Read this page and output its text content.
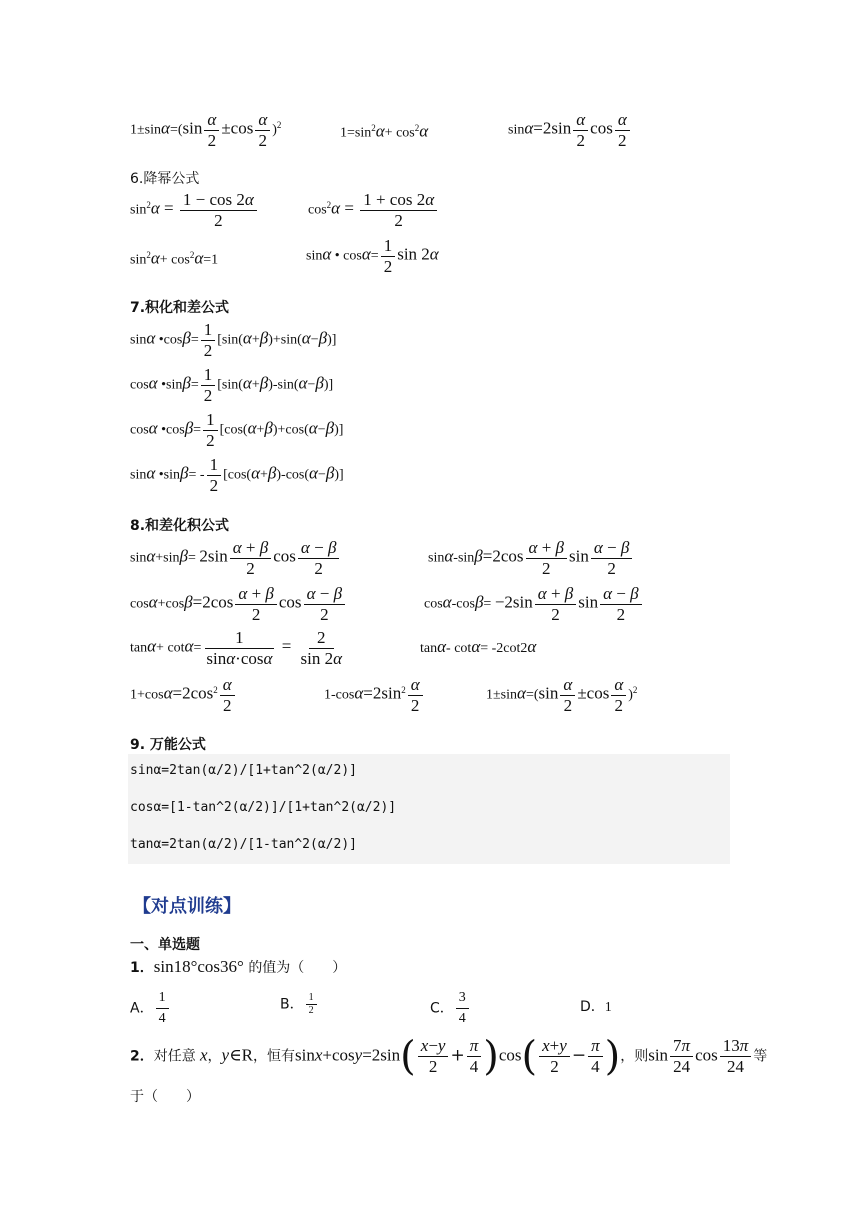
$1\pm\sin\alpha=(\sin \frac{\alpha}{2} \pm\cos \frac{\alpha}{2} )^2$
$1=\sin^2\alpha+ \cos^2\alpha$	$\sin\alpha=2\sin \frac{\alpha}{2}$ $\cos \frac{\alpha}{2}$
6.降幂公式
$\sin^2\alpha = \frac{1 - \cos 2\alpha}{2}$	$\cos^2\alpha = \frac{1 + \cos 2\alpha}{2}$
$\sin^2\alpha+ \cos^2\alpha=1$	sinα • $\cos\alpha= \frac{1}{2}$ sin 2α
7.积化和差公式
sinα •cosβ= $\frac{1}{2} [\sin(\alpha+\beta)+\sin(\alpha-\beta)]$
cosα •sinβ= $\frac{1}{2} [\sin(\alpha+\beta)-\sin(\alpha-\beta)]$
cosα •cosβ= $\frac{1}{2} [\cos(\alpha+\beta)+\cos(\alpha-\beta)]$
sinα •sinβ= - $\frac{1}{2} [\cos(\alpha+\beta)-\cos(\alpha-\beta)]$
8.和差化积公式
$\sin\alpha+\sin\beta= 2\sin \frac{\alpha + \beta}{2}$ $\cos \frac{\alpha - \beta}{2}$	$\sin\alpha-\sin\beta=2\cos \frac{\alpha + \beta}{2}$ $\sin \frac{\alpha - \beta}{2}$
$\cos\alpha+\cos\beta=2\cos \frac{\alpha + \beta}{2}$ $\cos \frac{\alpha - \beta}{2}$	$\cos\alpha-\cos\beta= -2\sin \frac{\alpha + \beta}{2}$ $\sin \frac{\alpha - \beta}{2}$
$\tan\alpha+ \cot\alpha= \frac{1}{\sin\alpha\cdot\cos\alpha} = \frac{2}{\sin 2\alpha}$	tanα- cotα= -2cot2α
$1+\cos\alpha=2\cos^2 \frac{\alpha}{2}$	$1-\cos\alpha=2\sin^2 \frac{\alpha}{2}$	$1\pm\sin\alpha=(\sin \frac{\alpha}{2} \pm\cos \frac{\alpha}{2} )^2$
9. 万能公式
sinα=2tan(α/2)/[1+tan^2(α/2)]
cosα=[1-tan^2(α/2)]/[1+tan^2(α/2)]
tanα=2tan(α/2)/[1-tan^2(α/2)]
【对点训练】
一、单选题
1．sin18°cos36° 的值为（　　）
A． $\frac{1}{4}$	B． $\frac{1}{2}$	C． $\frac{3}{4}$	D．1
2．对任意 x，y∈R，恒有$\sin x+\cos y=2\sin( \frac{x-y}{2} + \frac{\pi}{4} )\cos( \frac{x+y}{2} - \frac{\pi}{4}$ )，则$\sin \frac{7\pi}{24}$ $\cos \frac{13\pi}{24}$ 等
于（　　）
